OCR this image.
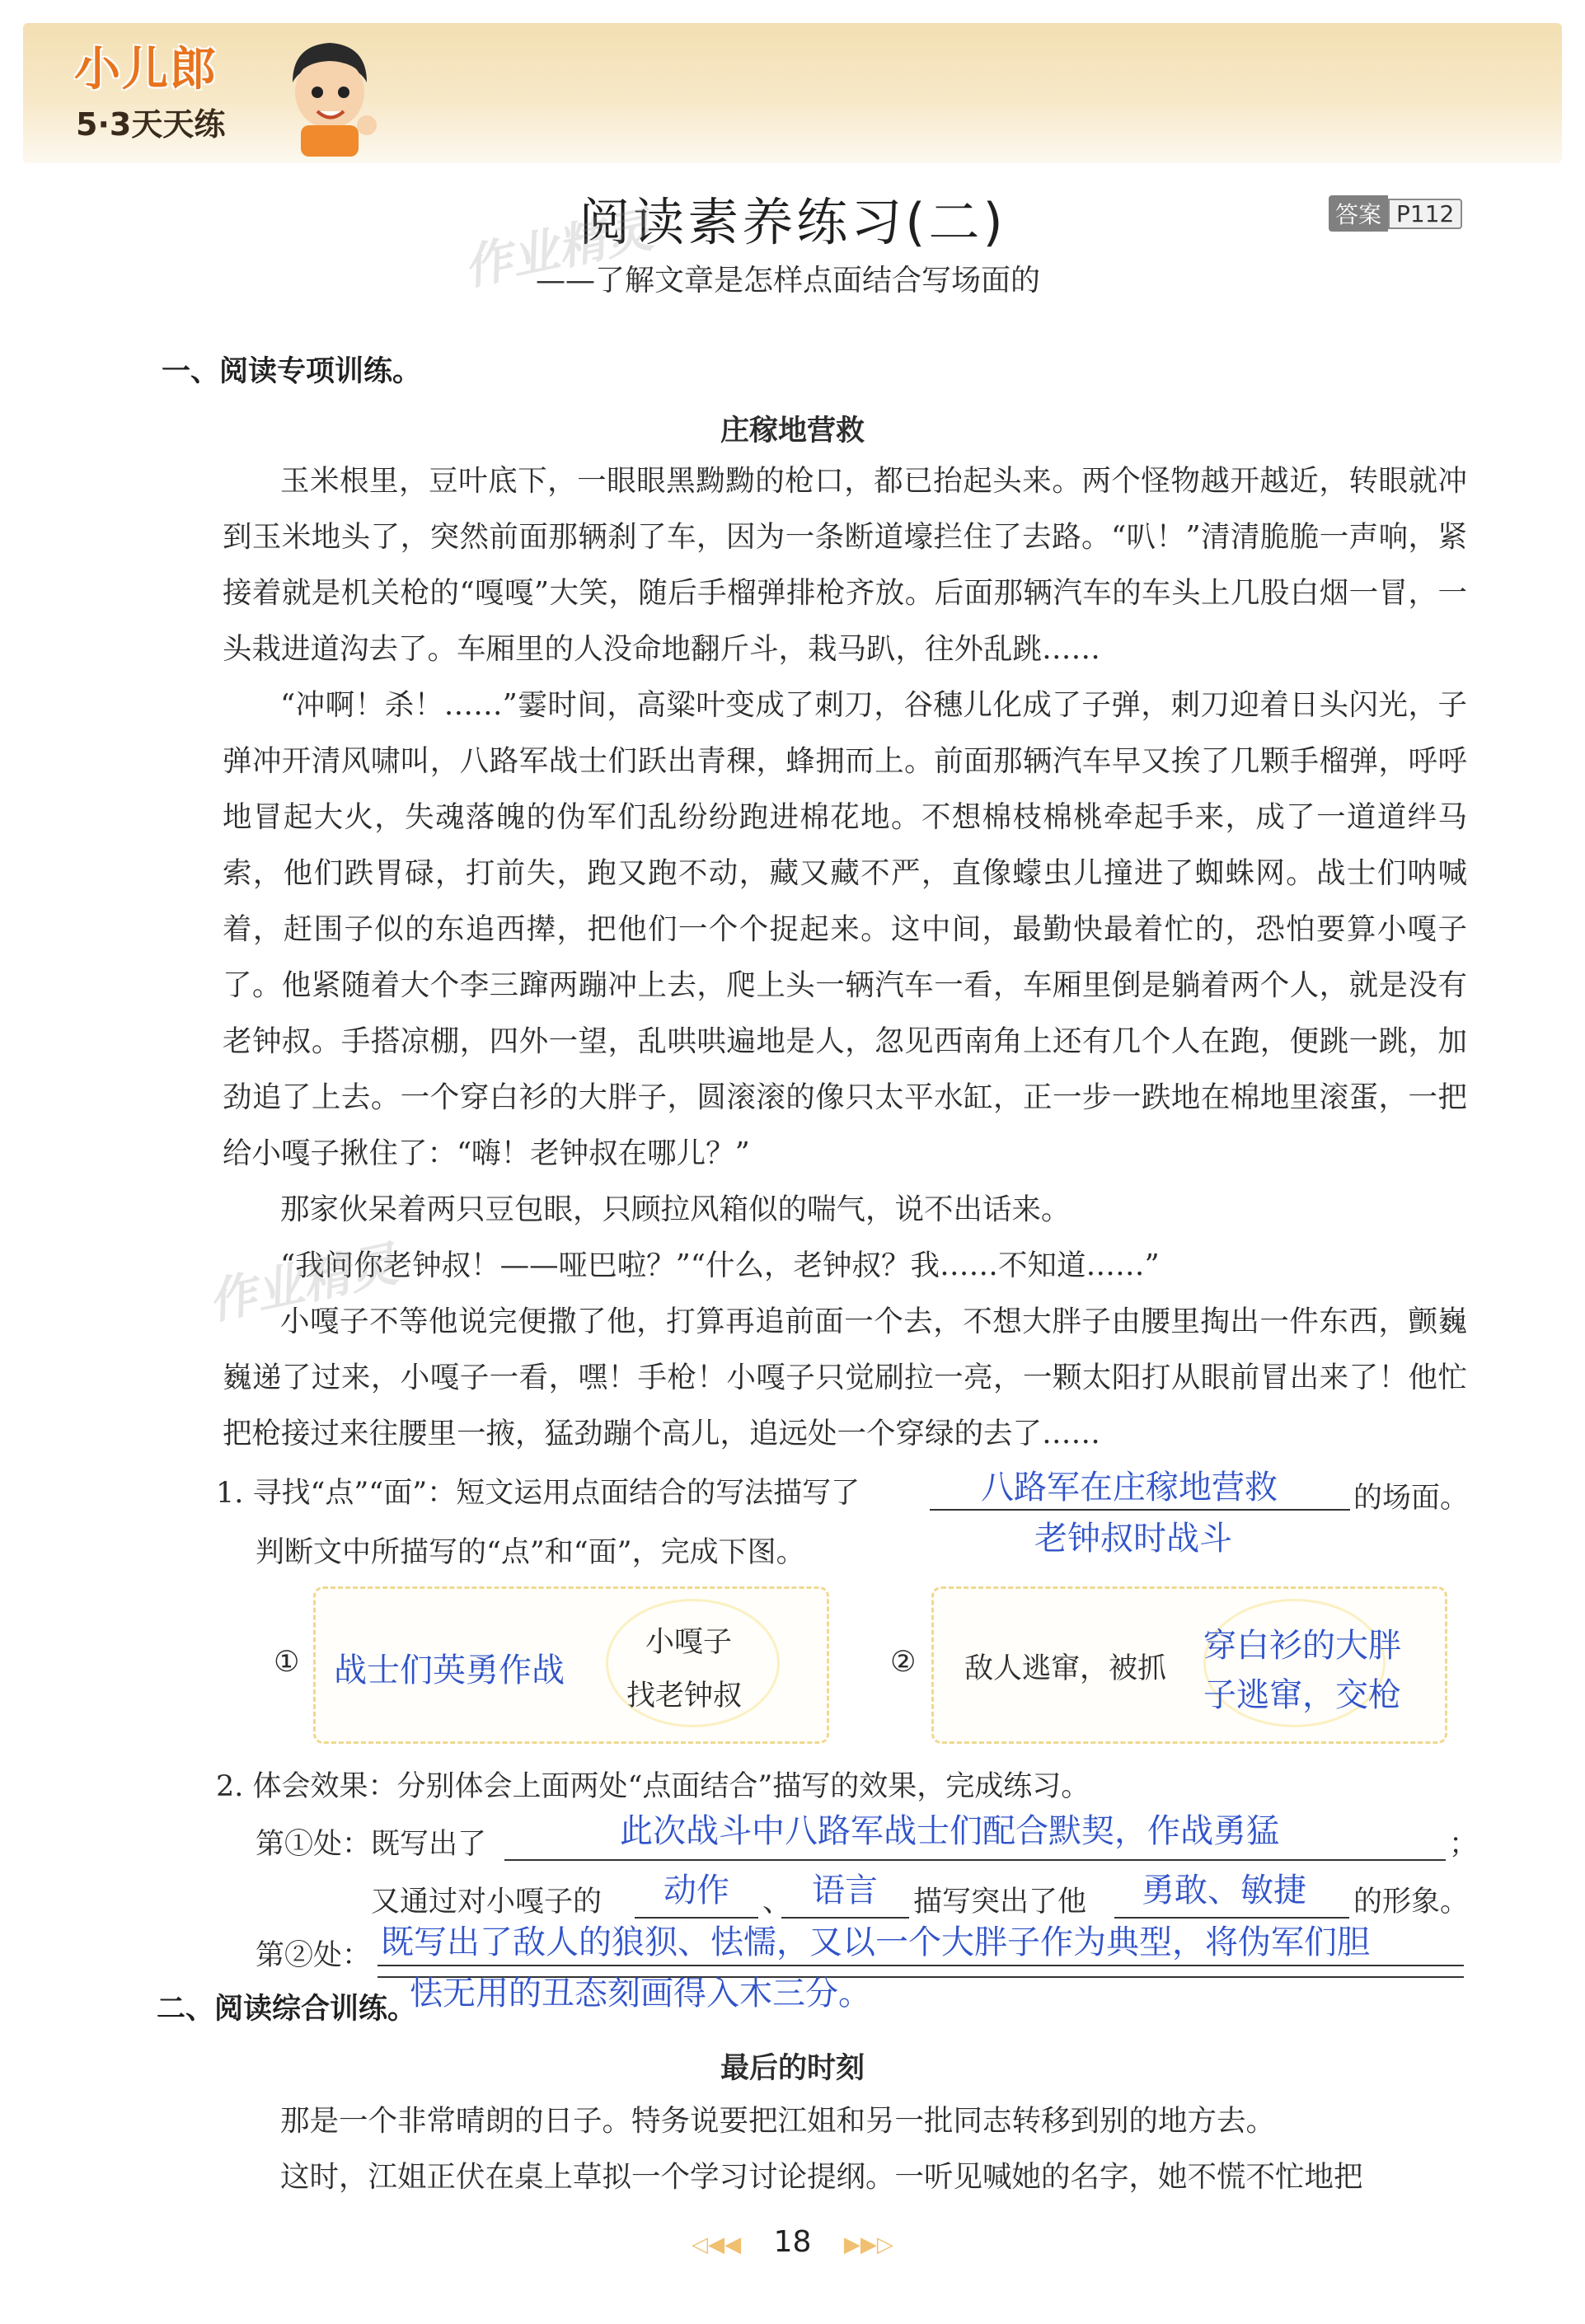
小儿郎
5·3天天练
阅读素养练习(二)	答案 P112
——了解文章是怎样点面结合写场面的
作业精灵
一、阅读专项训练。
庄稼地营救
玉米根里，豆叶底下，一眼眼黑黝黝的枪口，都已抬起头来。两个怪物越开越近，转眼就冲到玉米地头了，突然前面那辆刹了车，因为一条断道壕拦住了去路。“叭！”清清脆脆一声响，紧接着就是机关枪的“嘎嘎”大笑，随后手榴弹排枪齐放。后面那辆汽车的车头上几股白烟一冒，一头栽进道沟去了。车厢里的人没命地翻斤斗，栽马趴，往外乱跳……
“冲啊！杀！……”霎时间，高粱叶变成了刺刀，谷穗儿化成了子弹，刺刀迎着日头闪光，子弹冲开清风啸叫，八路军战士们跃出青稞，蜂拥而上。前面那辆汽车早又挨了几颗手榴弹，呼呼地冒起大火，失魂落魄的伪军们乱纷纷跑进棉花地。不想棉枝棉桃牵起手来，成了一道道绊马索，他们跌胃碌，打前失，跑又跑不动，藏又藏不严，直像蠓虫儿撞进了蜘蛛网。战士们呐喊着，赶围子似的东追西撵，把他们一个个捉起来。这中间，最勤快最着忙的，恐怕要算小嘎子了。他紧随着大个李三蹿两蹦冲上去，爬上头一辆汽车一看，车厢里倒是躺着两个人，就是没有老钟叔。手搭凉棚，四外一望，乱哄哄遍地是人，忽见西南角上还有几个人在跑，便跳一跳，加劲追了上去。一个穿白衫的大胖子，圆滚滚的像只太平水缸，正一步一跌地在棉地里滚蛋，一把给小嘎子揪住了：“嗨！老钟叔在哪儿？”
那家伙呆着两只豆包眼，只顾拉风箱似的喘气，说不出话来。
“我问你老钟叔！——哑巴啦？”“什么，老钟叔？我……不知道……”
作业精灵
小嘎子不等他说完便撒了他，打算再追前面一个去，不想大胖子由腰里掏出一件东西，颤巍巍递了过来，小嘎子一看，嘿！手枪！小嘎子只觉刷拉一亮，一颗太阳打从眼前冒出来了！他忙把枪接过来往腰里一掖，猛劲蹦个高儿，追远处一个穿绿的去了……
1. 寻找“点”“面”：短文运用点面结合的写法描写了	八路军在庄稼地营救	的场面。
判断文中所描写的“点”和“面”，完成下图。	老钟叔时战斗
① 战士们英勇作战
小嘎子
找老钟叔
② 敌人逃窜，被抓
穿白衫的大胖
子逃窜，交枪
2. 体会效果：分别体会上面两处“点面结合”描写的效果，完成练习。
第①处：既写出了	此次战斗中八路军战士们配合默契，作战勇猛	；
又通过对小嘎子的 动作 、 语言 描写突出了他 勇敢、敏捷 的形象。
第②处： 既写出了敌人的狼狈、怯懦，又以一个大胖子作为典型，将伪军们胆
怯无用的丑态刻画得入木三分。
二、阅读综合训练。
最后的时刻
那是一个非常晴朗的日子。特务说要把江姐和另一批同志转移到别的地方去。
这时，江姐正伏在桌上草拟一个学习讨论提纲。一听见喊她的名字，她不慌不忙地把
◁◀◀ 18 ▶▶▷
